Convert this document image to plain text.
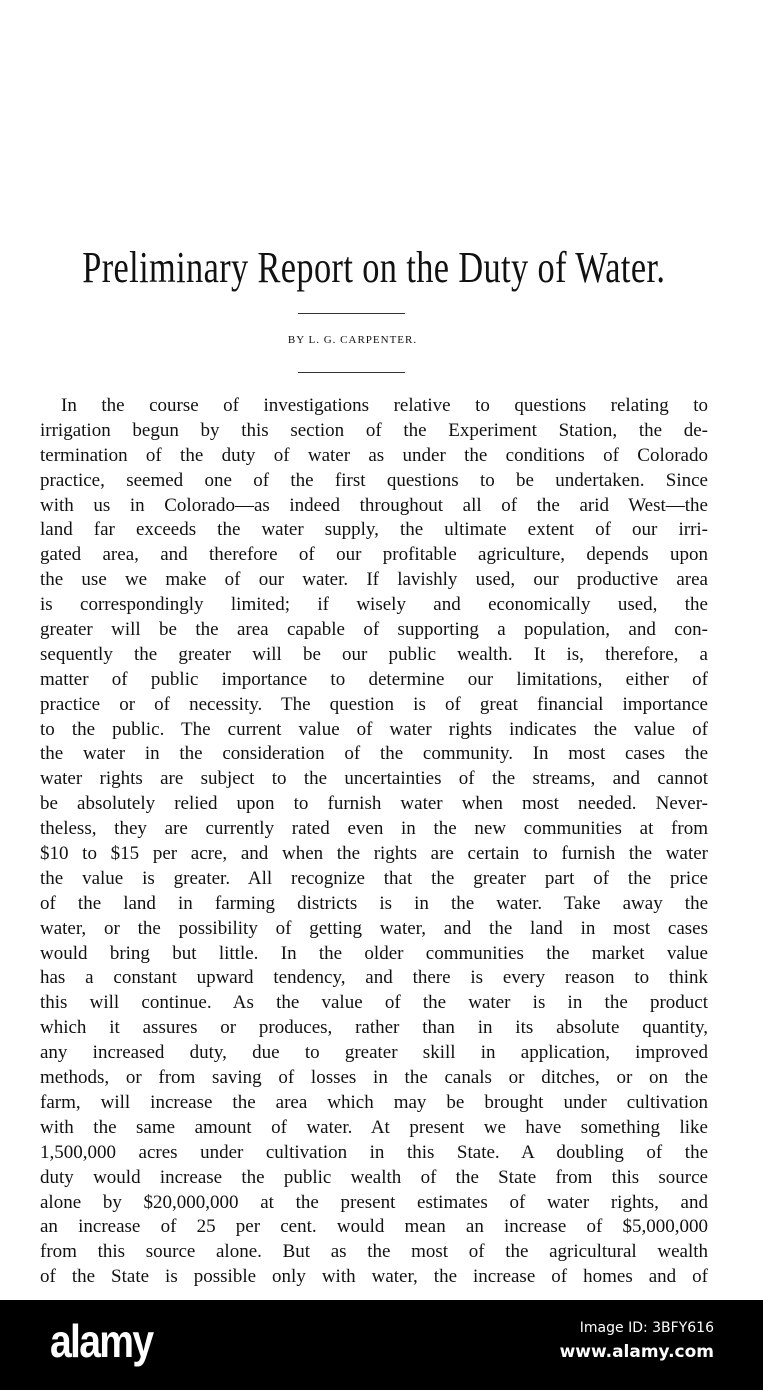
Preliminary Report on the Duty of Water.
BY L. G. CARPENTER.
In the course of investigations relative to questions relating to
irrigation begun by this section of the Experiment Station, the de-
termination of the duty of water as under the conditions of Colorado
practice, seemed one of the first questions to be undertaken. Since
with us in Colorado—as indeed throughout all of the arid West—the
land far exceeds the water supply, the ultimate extent of our irri-
gated area, and therefore of our profitable agriculture, depends upon
the use we make of our water. If lavishly used, our productive area
is correspondingly limited; if wisely and economically used, the
greater will be the area capable of supporting a population, and con-
sequently the greater will be our public wealth. It is, therefore, a
matter of public importance to determine our limitations, either of
practice or of necessity. The question is of great financial importance
to the public. The current value of water rights indicates the value of
the water in the consideration of the community. In most cases the
water rights are subject to the uncertainties of the streams, and cannot
be absolutely relied upon to furnish water when most needed. Never-
theless, they are currently rated even in the new communities at from
$10 to $15 per acre, and when the rights are certain to furnish the water
the value is greater. All recognize that the greater part of the price
of the land in farming districts is in the water. Take away the
water, or the possibility of getting water, and the land in most cases
would bring but little. In the older communities the market value
has a constant upward tendency, and there is every reason to think
this will continue. As the value of the water is in the product
which it assures or produces, rather than in its absolute quantity,
any increased duty, due to greater skill in application, improved
methods, or from saving of losses in the canals or ditches, or on the
farm, will increase the area which may be brought under cultivation
with the same amount of water. At present we have something like
1,500,000 acres under cultivation in this State. A doubling of the
duty would increase the public wealth of the State from this source
alone by $20,000,000 at the present estimates of water rights, and
an increase of 25 per cent. would mean an increase of $5,000,000
from this source alone. But as the most of the agricultural wealth
of the State is possible only with water, the increase of homes and of
alamy	Image ID: 3BFY616
www.alamy.com
